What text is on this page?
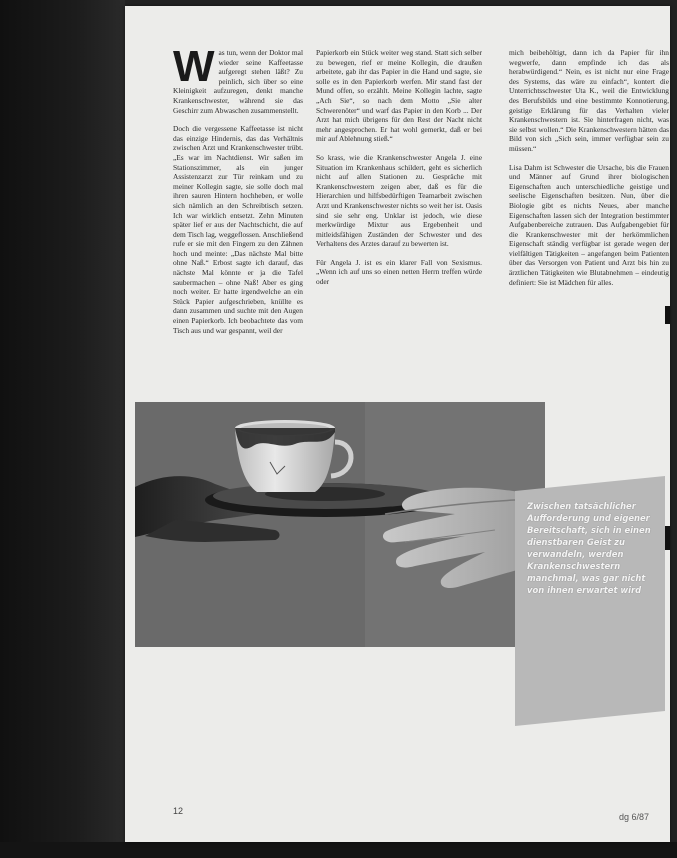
Was tun, wenn der Doktor mal wieder seine Kaffeetasse aufgeregt stehen läßt? Zu peinlich, sich über so eine Kleinigkeit aufzuregen, denkt manche Krankenschwester, während sie das Geschirr zum Abwaschen zusammenstellt.

Doch die vergessene Kaffeetasse ist nicht das einzige Hindernis, das das Verhältnis zwischen Arzt und Krankenschwester trübt. „Es war im Nachtdienst. Wir saßen im Stationszimmer, als ein junger Assistenzarzt zur Tür reinkam und zu meiner Kollegin sagte, sie solle doch mal ihren sauren Hintern hochheben, er wolle sich nämlich an den Schreibtisch setzen. Ich war wirklich entsetzt. Zehn Minuten später lief er aus der Nachtschicht, die auf dem Tisch lag, weggeflossen. Anschließend rufe er sie mit den Fingern zu den Zähnen hoch und meinte: „Das nächste Mal bitte ohne Naß.“ Erbost sagte ich darauf, das nächste Mal könnte er ja die Tafel saubermachen – ohne Naß! Aber es ging noch weiter. Er hatte irgendwelche an ein Stück Papier aufgeschrieben, knüllte es dann zusammen und suchte mit den Augen einen Papierkorb. Ich beobachtete das vom Tisch aus und war gespannt, weil der

Papierkorb ein Stück weiter weg stand. Statt sich selber zu bewegen, rief er meine Kollegin, die draußen arbeitete, gab ihr das Papier in die Hand und sagte, sie solle es in den Papierkorb werfen. Mir stand fast der Mund offen, so erzählt. Meine Kollegin lachte, sagte „Ach Sie“, so nach dem Motto „Sie alter Schwerenöter“ und warf das Papier in den Korb ... Der Arzt hat mich übrigens für den Rest der Nacht nicht mehr angesprochen. Er hat wohl gemerkt, daß er bei mir auf Ablehnung stieß.“

So krass, wie die Krankenschwester Angela J. eine Situation im Krankenhaus schildert, geht es sicherlich nicht auf allen Stationen zu. Gespräche mit Krankenschwestern zeigen aber, daß es für die Hierarchien und hilfsbedürftigen Teamarbeit zwischen Arzt und Krankenschwester nichts so weit her ist. Oasis sind sie sehr eng. Unklar ist jedoch, wie diese merkwürdige Mixtur aus Ergebenheit und mitleidsfähigen Zuständen der Schwester und des Verhaltens des Arztes darauf zu bewerten ist.

Für Angela J. ist es ein klarer Fall von Sexismus. „Wenn ich auf uns so einen netten Herrn treffen würde oder

mich beibehöltigt, dann ich da Papier für ihn wegwerfe, dann empfinde ich das als herabwürdigend.“ Nein, es ist nicht nur eine Frage des Systems, das wäre zu einfach“, kontert die Unterrichtsschwester Uta K., weil die Entwicklung des Berufsbilds und eine bestimmte Konnotierung, geistige Erklärung für das Verhalten vieler Krankenschwestern ist. Sie hinterfragen nicht, was sie selbst wollen.“ Die Krankenschwestern hätten das Bild von sich „Sich sein, immer verfügbar sein zu müssen.“

Lisa Dahm ist Schwester die Ursache, bis die Frauen und Männer auf Grund ihrer biologischen Eigenschaften auch unterschiedliche geistige und seelische Eigenschaften besitzen. Nun, über die Biologie gibt es nichts Neues, aber manche Eigenschaften lassen sich der Integration bestimmter Aufgabenbereiche zutrauen. Das Aufgabengebiet für die Krankenschwester mit der herkömmlichen Eigenschaft ständig verfügbar ist gerade wegen der vielfältigen Tätigkeiten – angefangen beim Patienten über das Versorgen von Patient und Arzt bis hin zu ärztlichen Tätigkeiten wie Blutabnehmen – eindeutig definiert: Sie ist Mädchen für alles.

Zwischen tatsächlicher Aufforderung und eigener Bereitschaft, sich in einen dienstbaren Geist zu verwandeln, werden Krankenschwestern manchmal, was gar nicht von ihnen erwartet wird
12
dg 6/87
